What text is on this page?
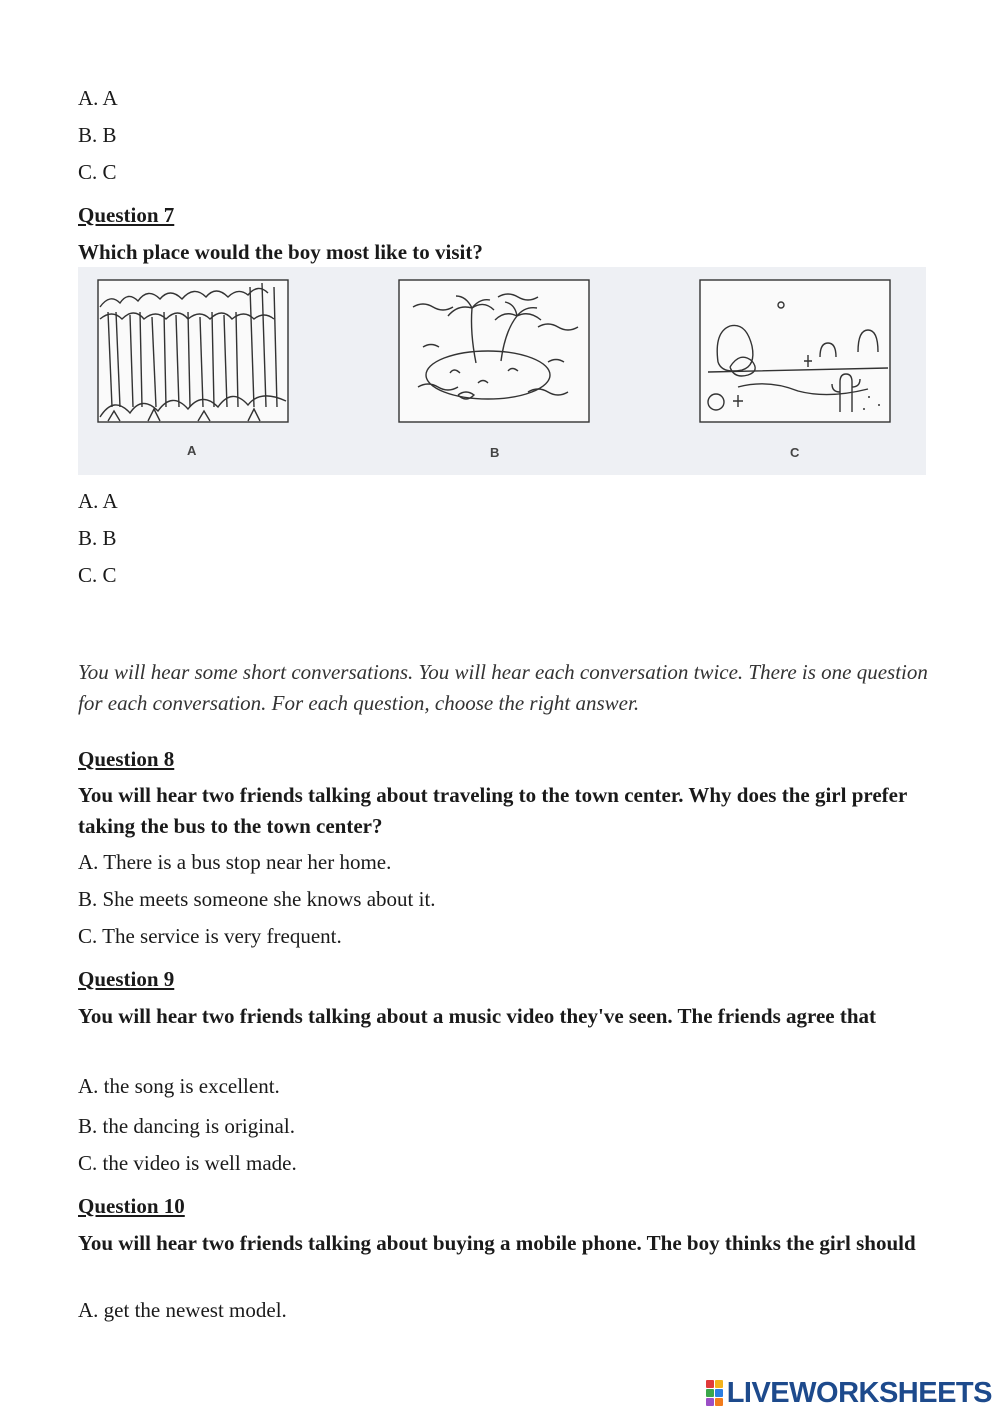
A. A
B. B
C. C
Question 7
Which place would the boy most like to visit?
A	B	C
A. A
B. B
C. C
You will hear some short conversations. You will hear each conversation twice. There is one question for each conversation. For each question, choose the right answer.
Question 8
You will hear two friends talking about traveling to the town center. Why does the girl prefer taking the bus to the town center?
A. There is a bus stop near her home.
B. She meets someone she knows about it.
C. The service is very frequent.
Question 9
You will hear two friends talking about a music video they've seen. The friends agree that
A. the song is excellent.
B. the dancing is original.
C. the video is well made.
Question 10
You will hear two friends talking about buying a mobile phone. The boy thinks the girl should
A. get the newest model.
LIVEWORKSHEETS
